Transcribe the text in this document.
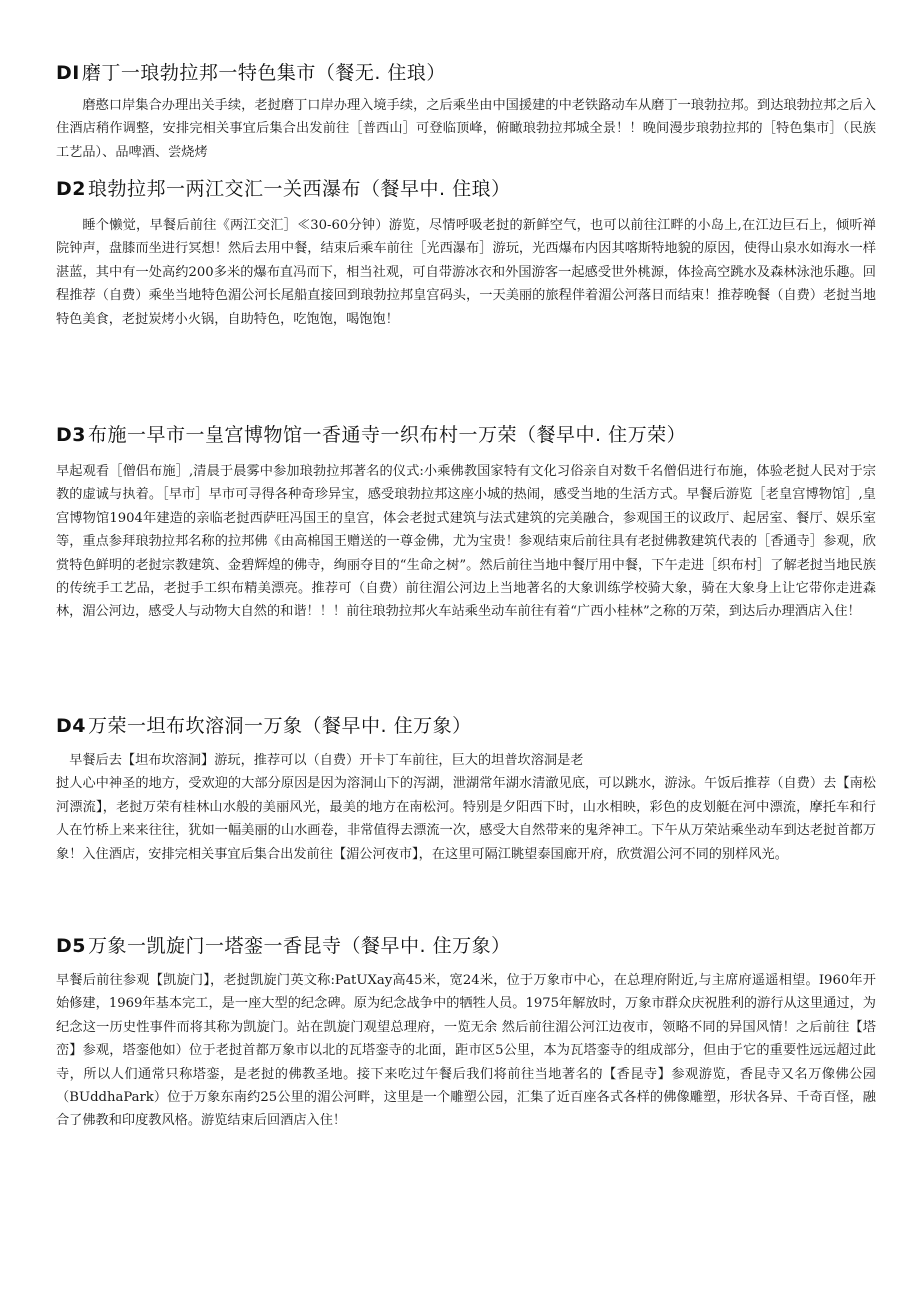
DI 磨丁一琅勃拉邦一特色集市（餐无. 住琅）

磨憨口岸集合办理出关手续，老挝磨丁口岸办理入境手续，之后乘坐由中国援建的中老铁路动车从磨丁一琅勃拉邦。到达琅勃拉邦之后入住酒店稍作调整，安排完相关事宜后集合出发前往［普西山］可登临顶峰，俯瞰琅勃拉邦城全景！！晚间漫步琅勃拉邦的［特色集市］（民族工艺品）、品啤酒、尝烧烤

D2 琅勃拉邦一两江交汇一关西瀑布（餐早中. 住琅）

睡个懒觉，早餐后前往《两江交汇］≪30-60分钟）游览，尽情呼吸老挝的新鲜空气，也可以前往江畔的小岛上,在江边巨石上，倾听禅院钟声，盘膝而坐进行冥想！然后去用中餐，结束后乘车前往［光西瀑布］游玩，光西爆布内因其喀斯特地貌的原因，使得山泉水如海水一样湛蓝，其中有一处高约200多米的爆布直冯而下，相当社观，可自带游冰衣和外国游客一起感受世外桃源，体捡高空跳水及森林泳池乐趣。回程推荐（自费）乘坐当地特色湄公河长尾船直接回到琅勃拉邦皇宫码头，一天美丽的旅程伴着湄公河落日而结束！推荐晚餐（自费）老挝当地特色美食，老挝炭烤小火锅，自助特色，吃饱饱，喝饱饱！

D3 布施一早市一皇宫博物馆一香通寺一织布村一万荣（餐早中. 住万荣）

早起观看［僧侣布施］,清晨于晨雾中参加琅勃拉邦著名的仪式:小乘佛教国家特有文化习俗亲自对数千名僧侣进行布施，体验老挝人民对于宗教的虚诚与执着。［早市］早市可寻得各种奇珍异宝，感受琅勃拉邦这座小城的热闹，感受当地的生活方式。早餐后游览［老皇宫博物馆］,皇宫博物馆1904年建造的亲临老挝西萨旺冯国王的皇宫，体会老挝式建筑与法式建筑的完美融合，参观国王的议政厅、起居室、餐厅、娱乐室等，重点参拜琅勃拉邦名称的拉邦佛《由高棉国王赠送的一尊金佛，尤为宝贵！参观结束后前往具有老挝佛教建筑代表的［香通寺］参观，欣赏特色鲜明的老挝宗教建筑、金碧辉煌的佛寺，绚丽夺目的“生命之树”。然后前往当地中餐厅用中餐，下午走进［织布村］了解老挝当地民族的传统手工艺品，老挝手工织布精美漂亮。推荐可（自费）前往湄公河边上当地著名的大象训练学校骑大象，骑在大象身上让它带你走进森林，湄公河边，感受人与动物大自然的和谐！！！前往琅勃拉邦火车站乘坐动车前往有着“广西小桂林”之称的万荣，到达后办理酒店入住！

D4 万荣一坦布坎溶洞一万象（餐早中. 住万象）
早餐后去【坦布坎溶洞】游玩，推荐可以（自费）开卡丁车前往，巨大的坦普坎溶洞是老
挝人心中神圣的地方，受欢迎的大部分原因是因为溶洞山下的泻湖，泄湖常年湖水清澈见底，可以跳水，游泳。午饭后推荐（自费）去【南松河漂流】，老挝万荣有桂林山水般的美丽风光，最美的地方在南松河。特别是夕阳西下时，山水相映，彩色的皮划艇在河中漂流，摩托车和行人在竹桥上来来往往，犹如一幅美丽的山水画卷，非常值得去漂流一次，感受大自然带来的鬼斧神工。下午从万荣站乘坐动车到达老挝首都万象！入住酒店，安排完相关事宜后集合出发前往【湄公河夜市】，在这里可隔江眺望泰国廊开府，欣赏湄公河不同的别样风光。
D5 万象一凯旋门一塔銮一香昆寺（餐早中. 住万象）

早餐后前往参观【凯旋门】，老挝凯旋门英文称:PatUXay高45米，宽24米，位于万象市中心，在总理府附近,与主席府遥遥相望。I960年开始修建，1969年基本完工，是一座大型的纪念碑。原为纪念战争中的牺牲人员。1975年解放时，万象市群众庆祝胜利的游行从这里通过，为纪念这一历史性事件而将其称为凯旋门。站在凯旋门观望总理府，一览无余 然后前往湄公河江边夜市，领略不同的异国风情！之后前往【塔峦】参观，塔銮他如）位于老挝首都万象市以北的瓦塔銮寺的北面，距市区5公里，本为瓦塔銮寺的组成部分，但由于它的重要性远远超过此寺，所以人们通常只称塔銮，是老挝的佛教圣地。接下来吃过午餐后我们将前往当地著名的【香昆寺】参观游览，香昆寺又名万像佛公园（BUddhaPark）位于万象东南约25公里的湄公河畔，这里是一个雕塑公园，汇集了近百座各式各样的佛像雕塑，形状各异、千奇百怪，融合了佛教和印度教风格。游览结束后回酒店入住！
